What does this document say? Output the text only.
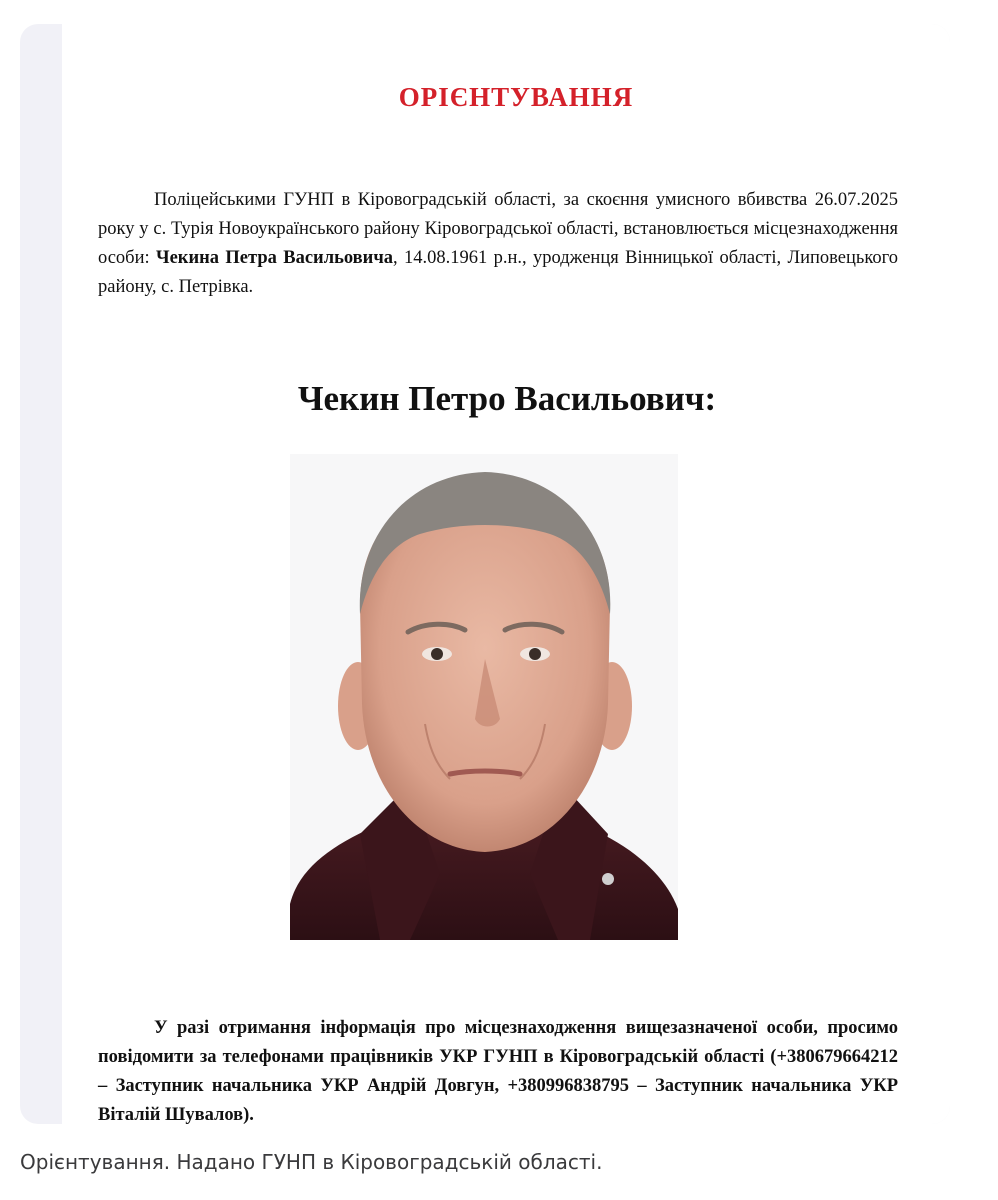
ОРІЄНТУВАННЯ
Поліцейськими ГУНП в Кіровоградській області, за скоєння умисного вбивства 26.07.2025 року у с. Турія Новоукраїнського району Кіровоградської області, встановлюється місцезнаходження особи: Чекина Петра Васильовича, 14.08.1961 р.н., уродженця Вінницької області, Липовецького району, с. Петрівка.
Чекин Петро Васильович:
У разі отримання інформація про місцезнаходження вищезазначеної особи, просимо повідомити за телефонами працівників УКР ГУНП в Кіровоградській області (+380679664212 – Заступник начальника УКР Андрій Довгун, +380996838795 – Заступник начальника УКР Віталій Шувалов).
Орієнтування. Надано ГУНП в Кіровоградській області.
